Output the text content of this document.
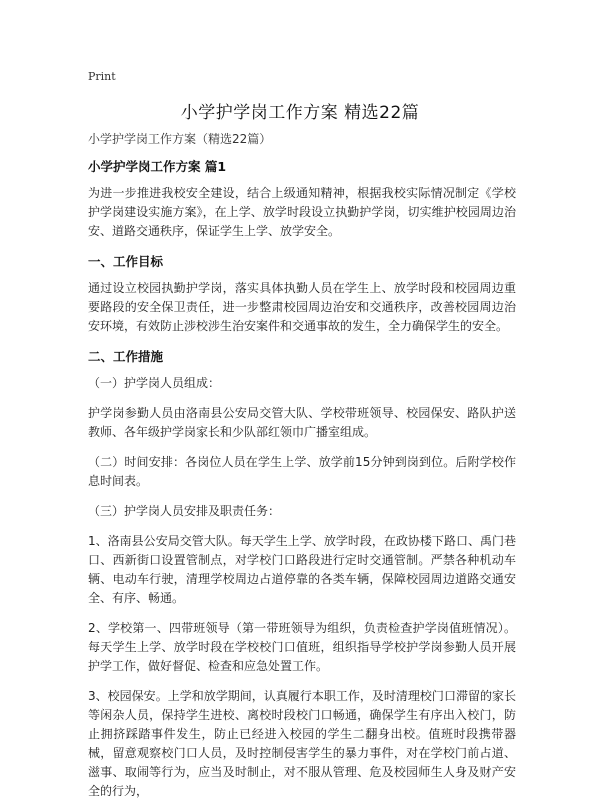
Print
小学护学岗工作方案 精选22篇

小学护学岗工作方案（精选22篇）

小学护学岗工作方案 篇1

为进一步推进我校安全建设，结合上级通知精神，根据我校实际情况制定《学校护学岗建设实施方案》，在上学、放学时段设立执勤护学岗，切实维护校园周边治安、道路交通秩序，保证学生上学、放学安全。

一、工作目标

通过设立校园执勤护学岗，落实具体执勤人员在学生上、放学时段和校园周边重要路段的安全保卫责任，进一步整肃校园周边治安和交通秩序，改善校园周边治安环境，有效防止涉校涉生治安案件和交通事故的发生，全力确保学生的安全。

二、工作措施

（一）护学岗人员组成：

护学岗参勤人员由洛南县公安局交管大队、学校带班领导、校园保安、路队护送教师、各年级护学岗家长和少队部红领巾广播室组成。

（二）时间安排：各岗位人员在学生上学、放学前15分钟到岗到位。后附学校作息时间表。

（三）护学岗人员安排及职责任务：

1、洛南县公安局交管大队。每天学生上学、放学时段，在政协楼下路口、禹门巷口、西新街口设置管制点，对学校门口路段进行定时交通管制。严禁各种机动车辆、电动车行驶，清理学校周边占道停靠的各类车辆，保障校园周边道路交通安全、有序、畅通。

2、学校第一、四带班领导（第一带班领导为组织，负责检查护学岗值班情况）。每天学生上学、放学时段在学校校门口值班，组织指导学校护学岗参勤人员开展护学工作，做好督促、检查和应急处置工作。

3、校园保安。上学和放学期间，认真履行本职工作，及时清理校门口滞留的家长等闲杂人员，保持学生进校、离校时段校门口畅通，确保学生有序出入校门，防止拥挤踩踏事件发生，防止已经进入校园的学生二翻身出校。值班时段携带器械，留意观察校门口人员，及时控制侵害学生的暴力事件，对在学校门前占道、滋事、取闹等行为，应当及时制止，对不服从管理、危及校园师生人身及财产安全的行为，
